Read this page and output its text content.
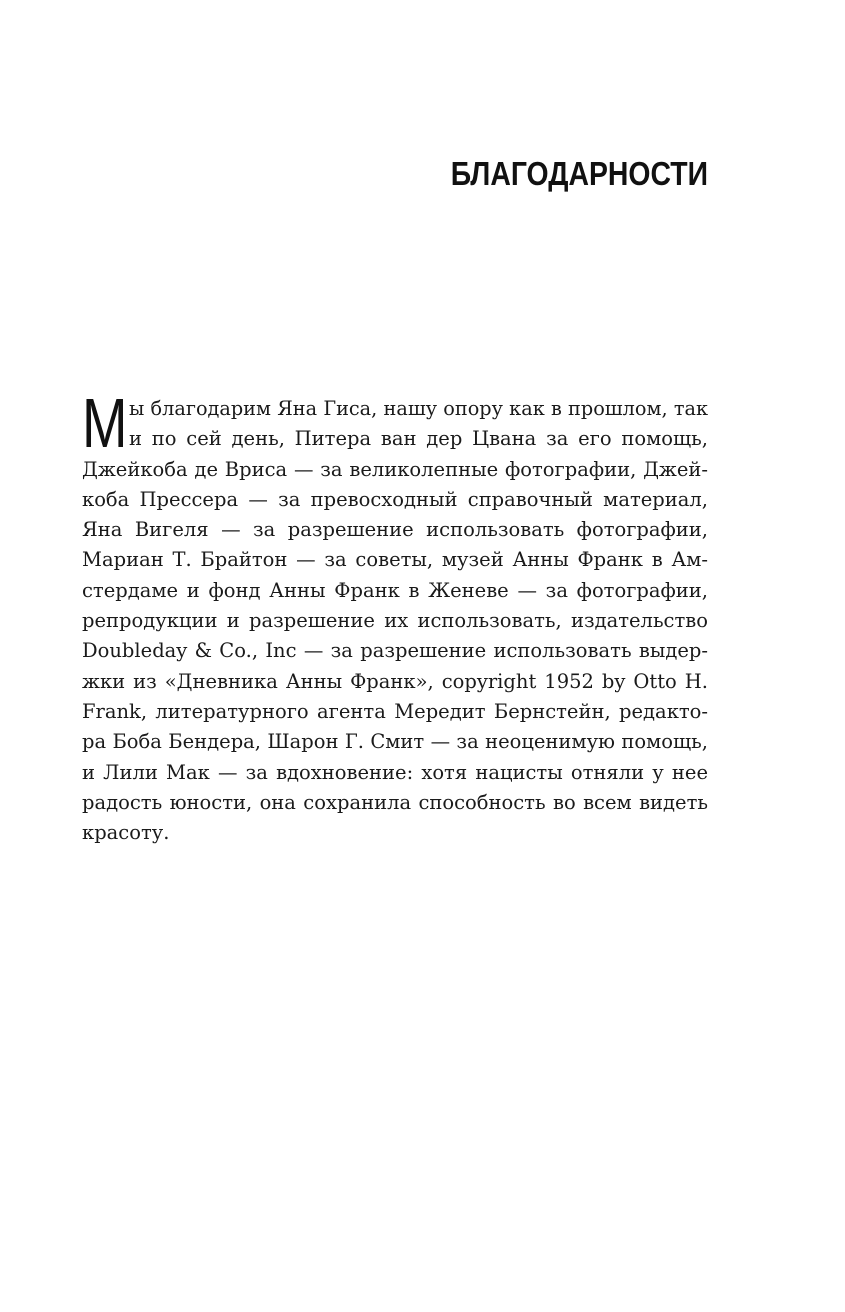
БЛАГОДАРНОСТИ
М ы благодарим Яна Гиса, нашу опору как в прошлом, так
и по сей день, Питера ван дер Цвана за его помощь,
Джейкоба де Вриса — за великолепные фотографии, Джей-
коба Прессера — за превосходный справочный материал,
Яна Вигеля — за разрешение использовать фотографии,
Мариан Т. Брайтон — за советы, музей Анны Франк в Ам-
стердаме и фонд Анны Франк в Женеве — за фотографии,
репродукции и разрешение их использовать, издательство
Doubleday & Co., Inc — за разрешение использовать выдер-
жки из «Дневника Анны Франк», copyright 1952 by Otto H.
Frank, литературного агента Мередит Бернстейн, редакто-
ра Боба Бендера, Шарон Г. Смит — за неоценимую помощь,
и Лили Мак — за вдохновение: хотя нацисты отняли у нее
радость юности, она сохранила способность во всем видеть
красоту.
